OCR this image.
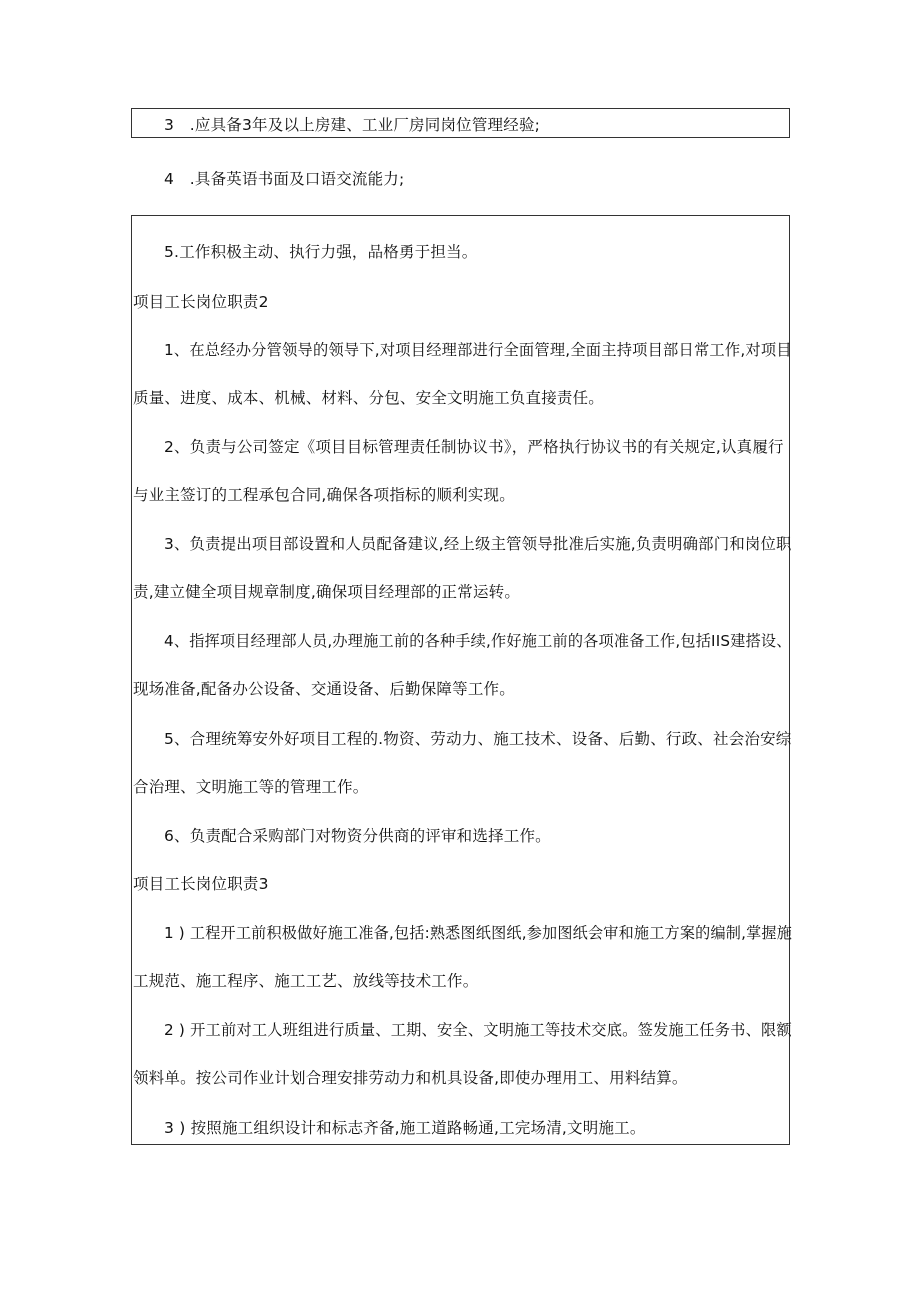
3　.应具备3年及以上房建、工业厂房同岗位管理经验;
4　.具备英语书面及口语交流能力;
5.工作积极主动、执行力强，品格勇于担当。
项目工长岗位职责2
1、在总经办分管领导的领导下,对项目经理部进行全面管理,全面主持项目部日常工作,对项目
质量、进度、成本、机械、材料、分包、安全文明施工负直接责任。
2、负责与公司签定《项目目标管理责任制协议书》，严格执行协议书的有关规定,认真履行
与业主签订的工程承包合同,确保各项指标的顺利实现。
3、负责提出项目部设置和人员配备建议,经上级主管领导批准后实施,负责明确部门和岗位职
责,建立健全项目规章制度,确保项目经理部的正常运转。
4、指挥项目经理部人员,办理施工前的各种手续,作好施工前的各项准备工作,包括IIS建搭设、
现场准备,配备办公设备、交通设备、后勤保障等工作。
5、合理统筹安外好项目工程的.物资、劳动力、施工技术、设备、后勤、行政、社会治安综
合治理、文明施工等的管理工作。
6、负责配合采购部门对物资分供商的评审和选择工作。
项目工长岗位职责3
1 ) 工程开工前积极做好施工准备,包括:熟悉图纸图纸,参加图纸会审和施工方案的编制,掌握施
工规范、施工程序、施工工艺、放线等技术工作。
2 ) 开工前对工人班组进行质量、工期、安全、文明施工等技术交底。签发施工任务书、限额
领料单。按公司作业计划合理安排劳动力和机具设备,即使办理用工、用料结算。
3 ) 按照施工组织设计和标志齐备,施工道路畅通,工完场清,文明施工。
